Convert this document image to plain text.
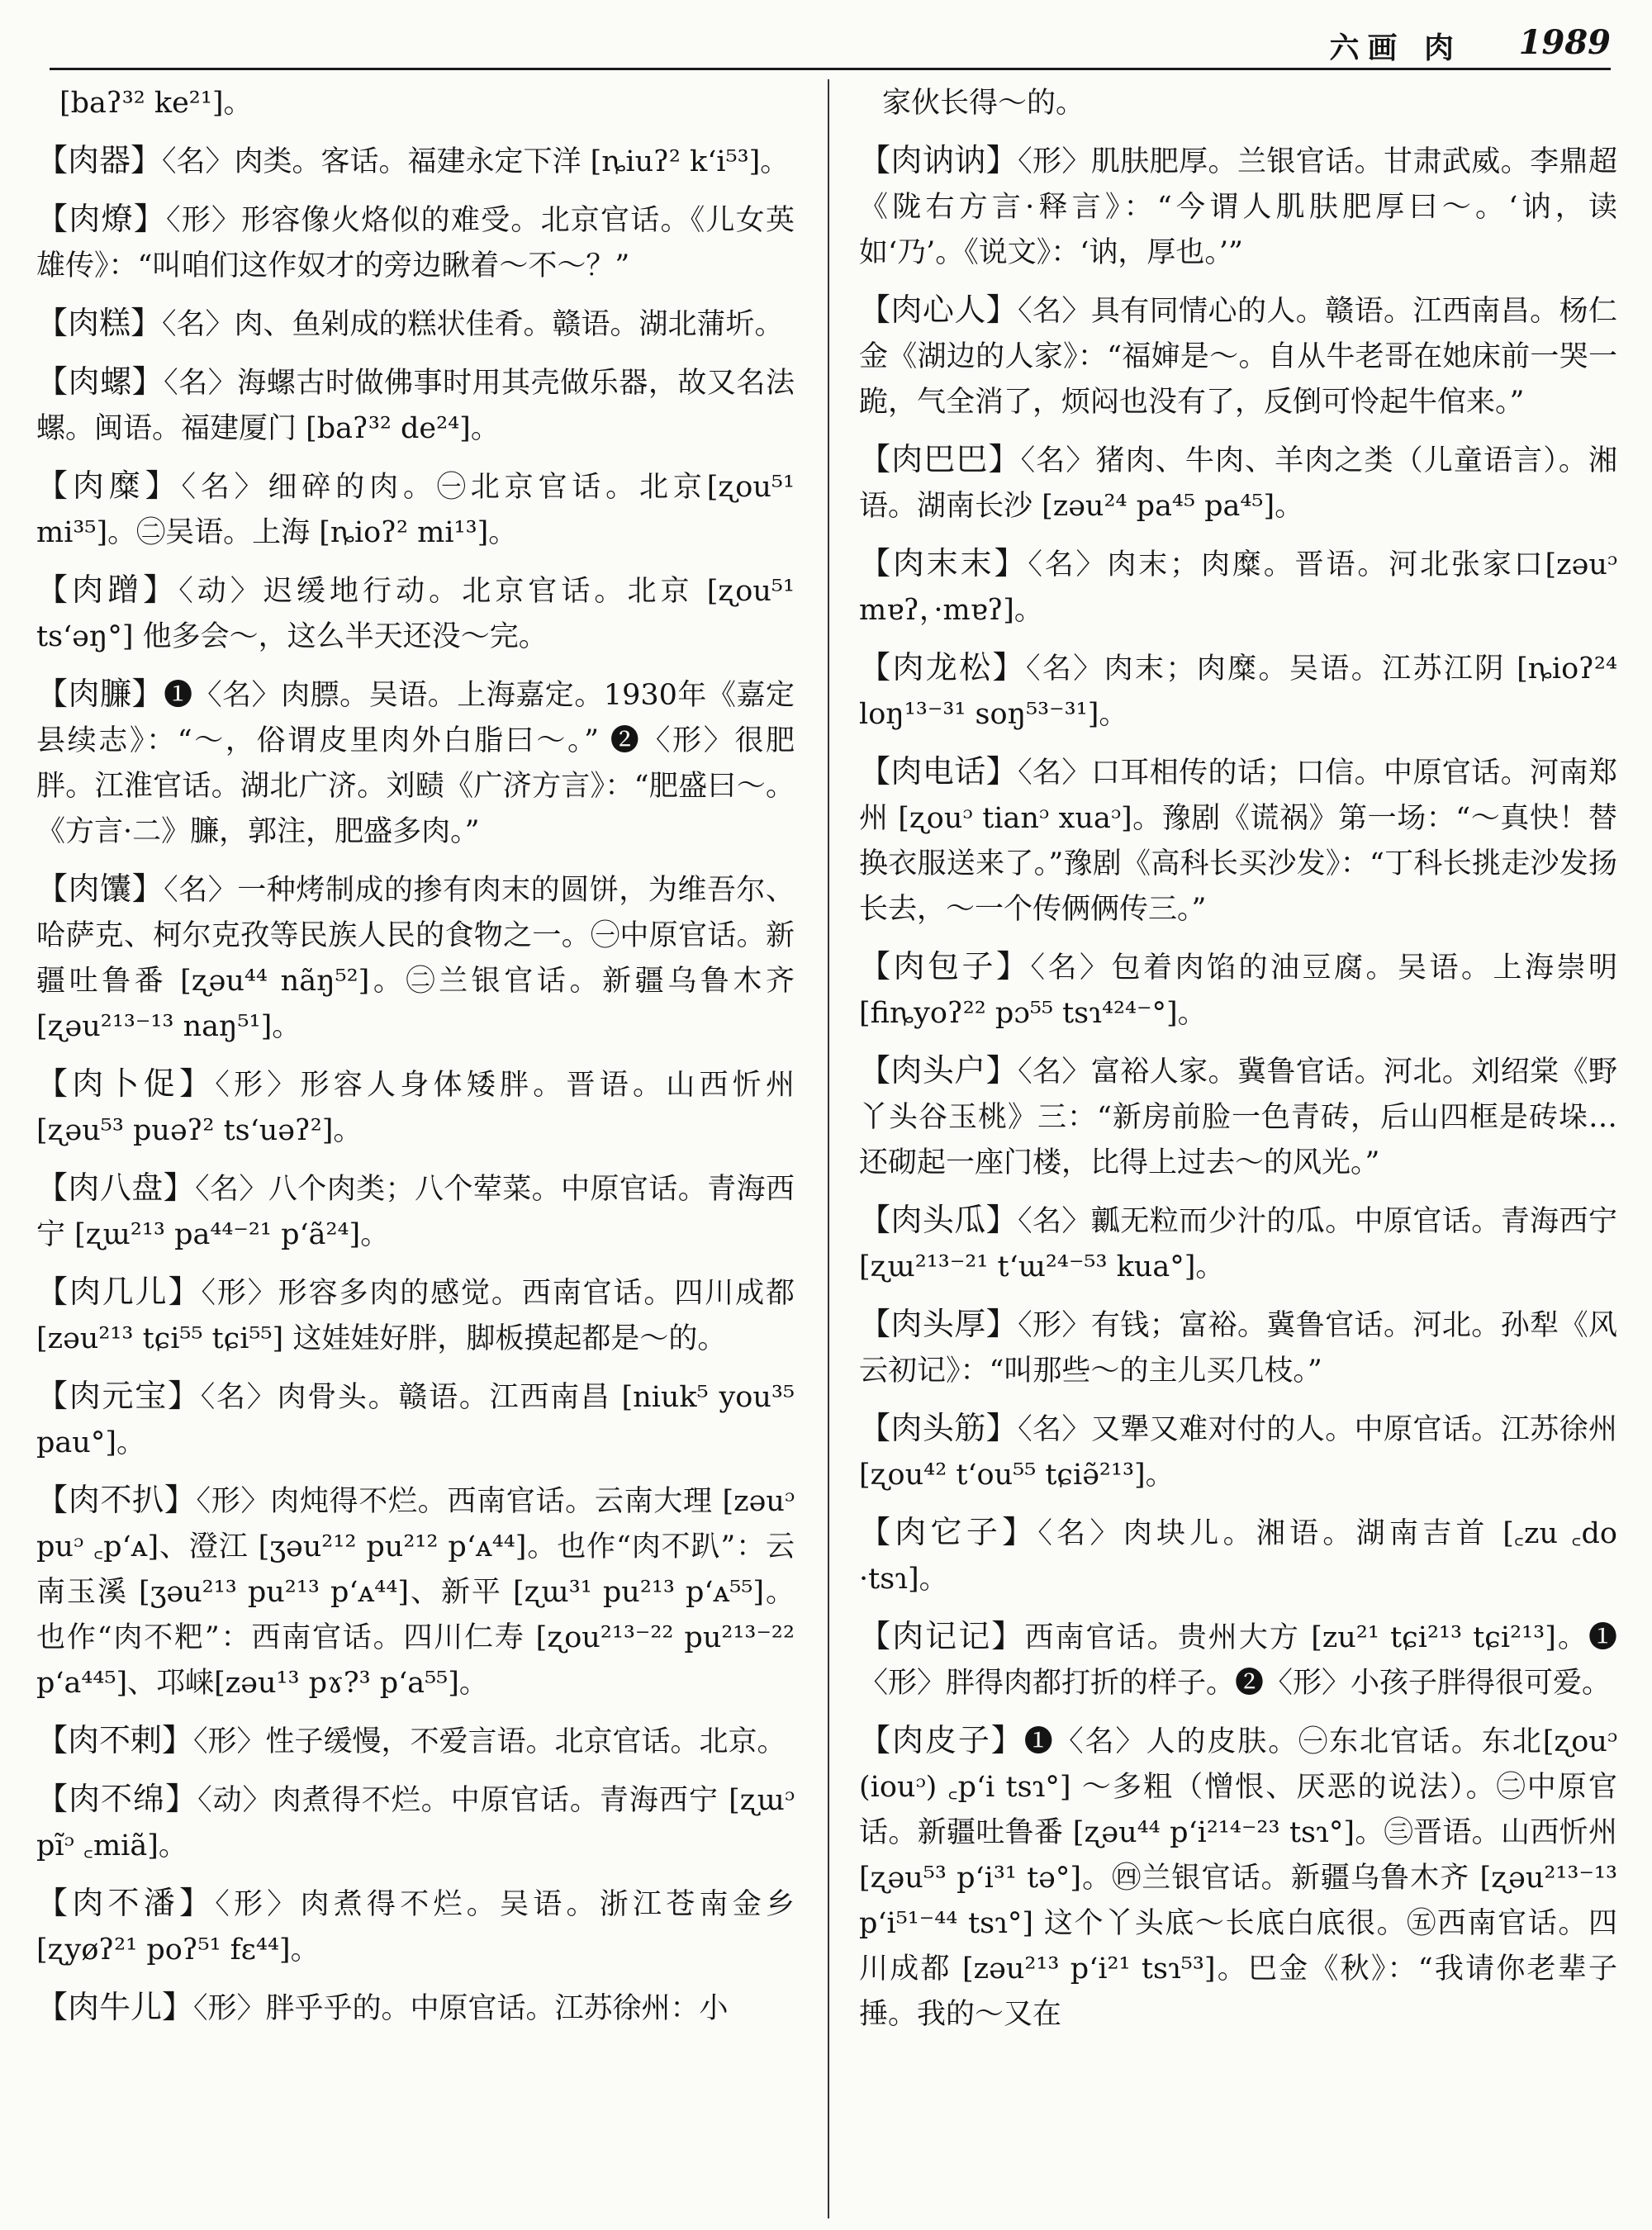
六画 肉 1989

[baʔ³² ke²¹]。

【肉器】〈名〉肉类。客话。福建永定下洋 [ȵiuʔ² k‘i⁵³]。

【肉燎】〈形〉形容像火烙似的难受。北京官话。《儿女英雄传》：“叫咱们这作奴才的旁边瞅着～不～？”

【肉糕】〈名〉肉、鱼剁成的糕状佳肴。赣语。湖北蒲圻。

【肉螺】〈名〉海螺古时做佛事时用其壳做乐器，故又名法螺。闽语。福建厦门 [baʔ³² de²⁴]。

【肉糜】〈名〉细碎的肉。㊀北京官话。北京[ʐou⁵¹ mi³⁵]。㊁吴语。上海 [ȵioʔ² mi¹³]。

【肉蹭】〈动〉迟缓地行动。北京官话。北京 [ʐou⁵¹ ts‘əŋ°] 他多会～，这么半天还没～完。

【肉臁】❶〈名〉肉膘。吴语。上海嘉定。1930年《嘉定县续志》：“～，俗谓皮里肉外白脂曰～。” ❷〈形〉很肥胖。江淮官话。湖北广济。刘赜《广济方言》：“肥盛曰～。《方言·二》臁，郭注，肥盛多肉。”

【肉馕】〈名〉一种烤制成的掺有肉末的圆饼，为维吾尔、哈萨克、柯尔克孜等民族人民的食物之一。㊀中原官话。新疆吐鲁番 [ʐəu⁴⁴ nãŋ⁵²]。㊁兰银官话。新疆乌鲁木齐 [ʐəu²¹³⁻¹³ naŋ⁵¹]。

【肉卜促】〈形〉形容人身体矮胖。晋语。山西忻州 [ʐəu⁵³ puəʔ² ts‘uəʔ²]。

【肉八盘】〈名〉八个肉类；八个荤菜。中原官话。青海西宁 [ʐɯ²¹³ pa⁴⁴⁻²¹ p‘ã²⁴]。

【肉几儿】〈形〉形容多肉的感觉。西南官话。四川成都 [zəu²¹³ tɕi⁵⁵ tɕi⁵⁵] 这娃娃好胖，脚板摸起都是～的。

【肉元宝】〈名〉肉骨头。赣语。江西南昌 [niuk⁵ you³⁵ pau°]。

【肉不扒】〈形〉肉炖得不烂。西南官话。云南大理 [zəuᵓ puᵓ ꜀p‘ᴀ]、澄江 [ʒəu²¹² pu²¹² p‘ᴀ⁴⁴]。也作“肉不趴”：云南玉溪 [ʒəu²¹³ pu²¹³ p‘ᴀ⁴⁴]、新平 [ʐɯ³¹ pu²¹³ p‘ᴀ⁵⁵]。也作“肉不粑”：西南官话。四川仁寿 [ʐou²¹³⁻²² pu²¹³⁻²² p‘a⁴⁴⁵]、邛崃[zəu¹³ pɤ?³ p‘a⁵⁵]。

【肉不剌】〈形〉性子缓慢，不爱言语。北京官话。北京。

【肉不绵】〈动〉肉煮得不烂。中原官话。青海西宁 [ʐɯᵓ pĩᵓ ꜀miã]。

【肉不潘】〈形〉肉煮得不烂。吴语。浙江苍南金乡 [ʐyøʔ²¹ poʔ⁵¹ fɛ⁴⁴]。

【肉牛儿】〈形〉胖乎乎的。中原官话。江苏徐州：小

家伙长得～的。

【肉讷讷】〈形〉肌肤肥厚。兰银官话。甘肃武威。李鼎超《陇右方言·释言》：“今谓人肌肤肥厚曰～。‘讷，读如‘乃’。《说文》：‘讷，厚也。’”

【肉心人】〈名〉具有同情心的人。赣语。江西南昌。杨仁金《湖边的人家》：“福婶是～。自从牛老哥在她床前一哭一跪，气全消了，烦闷也没有了，反倒可怜起牛倌来。”

【肉巴巴】〈名〉猪肉、牛肉、羊肉之类（儿童语言）。湘语。湖南长沙 [zəu²⁴ pa⁴⁵ pa⁴⁵]。

【肉末末】〈名〉肉末；肉糜。晋语。河北张家口[zəuᵓ mɐʔ，·mɐʔ]。

【肉龙松】〈名〉肉末；肉糜。吴语。江苏江阴 [ȵioʔ²⁴ loŋ¹³⁻³¹ soŋ⁵³⁻³¹]。

【肉电话】〈名〉口耳相传的话；口信。中原官话。河南郑州 [ʐouᵓ tianᵓ xuaᵓ]。豫剧《谎祸》第一场：“～真快！替换衣服送来了。”豫剧《高科长买沙发》：“丁科长挑走沙发扬长去，～一个传俩俩传三。”

【肉包子】〈名〉包着肉馅的油豆腐。吴语。上海崇明 [fiȵyoʔ²² pɔ⁵⁵ tsɿ⁴²⁴⁻°]。

【肉头户】〈名〉富裕人家。冀鲁官话。河北。刘绍棠《野丫头谷玉桃》三：“新房前脸一色青砖，后山四框是砖垛…还砌起一座门楼，比得上过去～的风光。”

【肉头瓜】〈名〉瓤无粒而少汁的瓜。中原官话。青海西宁 [ʐɯ²¹³⁻²¹ t‘ɯ²⁴⁻⁵³ kua°]。

【肉头厚】〈形〉有钱；富裕。冀鲁官话。河北。孙犁《风云初记》：“叫那些～的主儿买几枝。”

【肉头筋】〈名〉又犟又难对付的人。中原官话。江苏徐州 [ʐou⁴² t‘ou⁵⁵ tɕiə̃²¹³]。

【肉它子】〈名〉肉块儿。湘语。湖南吉首 [꜀zu ꜀do ·tsɿ]。

【肉记记】西南官话。贵州大方 [zu²¹ tɕi²¹³ tɕi²¹³]。❶〈形〉胖得肉都打折的样子。❷〈形〉小孩子胖得很可爱。

【肉皮子】❶〈名〉人的皮肤。㊀东北官话。东北[ʐouᵓ (iouᵓ) ꜀p‘i tsɿ°] ～多粗（憎恨、厌恶的说法）。㊁中原官话。新疆吐鲁番 [ʐəu⁴⁴ p‘i²¹⁴⁻²³ tsɿ°]。㊂晋语。山西忻州 [ʐəu⁵³ p‘i³¹ tə°]。㊃兰银官话。新疆乌鲁木齐 [ʐəu²¹³⁻¹³ p‘i⁵¹⁻⁴⁴ tsɿ°] 这个丫头底～长底白底很。㊄西南官话。四川成都 [zəu²¹³ p‘i²¹ tsɿ⁵³]。巴金《秋》：“我请你老辈子捶。我的～又在
